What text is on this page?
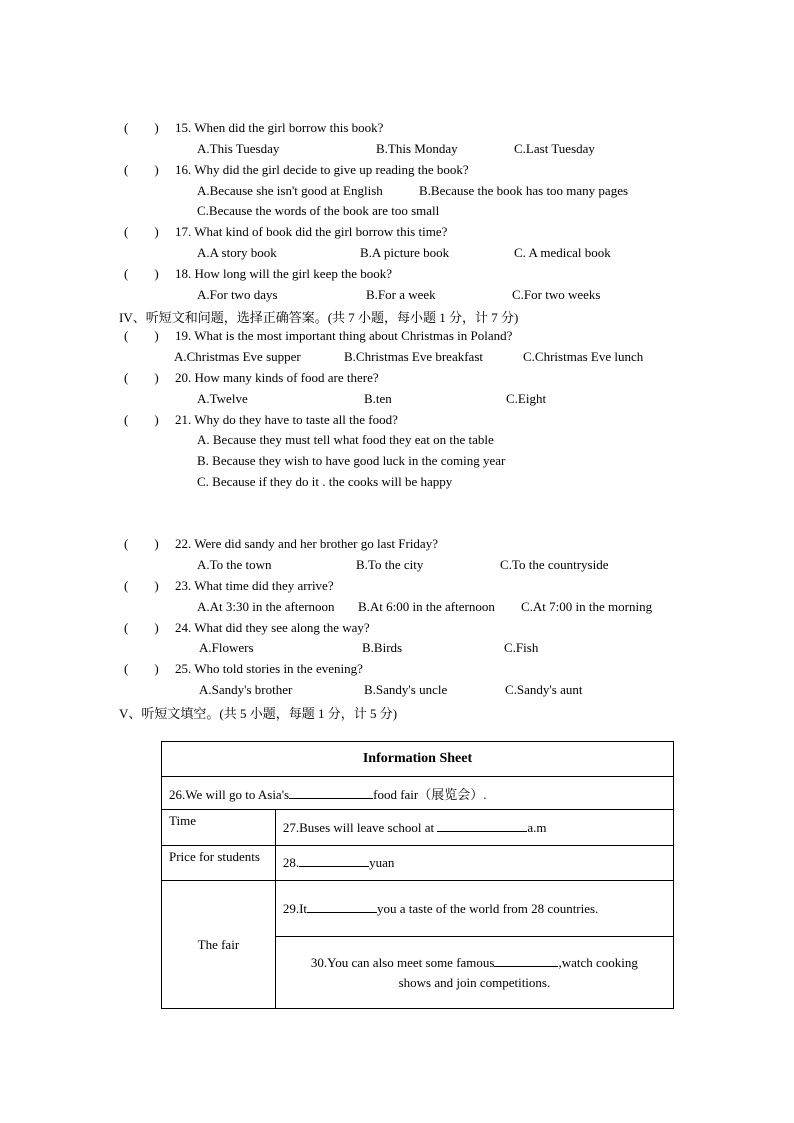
(　　) 15. When did the girl borrow this book?
A.This Tuesday	B.This Monday	C.Last Tuesday
(　　) 16. Why did the girl decide to give up reading the book?
A.Because she isn't good at English	B.Because the book has too many pages
C.Because the words of the book are too small
(　　) 17. What kind of book did the girl borrow this time?
A.A story book	B.A picture book	C. A medical book
(　　) 18. How long will the girl keep the book?
A.For two days	B.For a week	C.For two weeks
IV、听短文和问题，选择正确答案。(共 7 小题，每小题 1 分，计 7 分)
(　　) 19. What is the most important thing about Christmas in Poland?
A.Christmas Eve supper	B.Christmas Eve breakfast	C.Christmas Eve lunch
(　　) 20. How many kinds of food are there?
A.Twelve	B.ten	C.Eight
(　　) 21. Why do they have to taste all the food?
A. Because they must tell what food they eat on the table
B. Because they wish to have good luck in the coming year
C. Because if they do it . the cooks will be happy
(　　) 22. Were did sandy and her brother go last Friday?
A.To the town	B.To the city	C.To the countryside
(　　) 23. What time did they arrive?
A.At 3:30 in the afternoon B.At 6:00 in the afternoon C.At 7:00 in the morning
(　　) 24. What did they see along the way?
A.Flowers	B.Birds	C.Fish
(　　) 25. Who told stories in the evening?
A.Sandy's brother	B.Sandy's uncle	C.Sandy's aunt
V、听短文填空。(共 5 小题，每题 1 分，计 5 分)
Information Sheet	
26.We will go to Asia's food fair（展览会）.	
Time	27.Buses will leave school at a.m
Price for students	28. yuan
The fair	29.It you a taste of the world from 28 countries.

	30.You can also meet some famous ,watch cooking
shows and join competitions.
